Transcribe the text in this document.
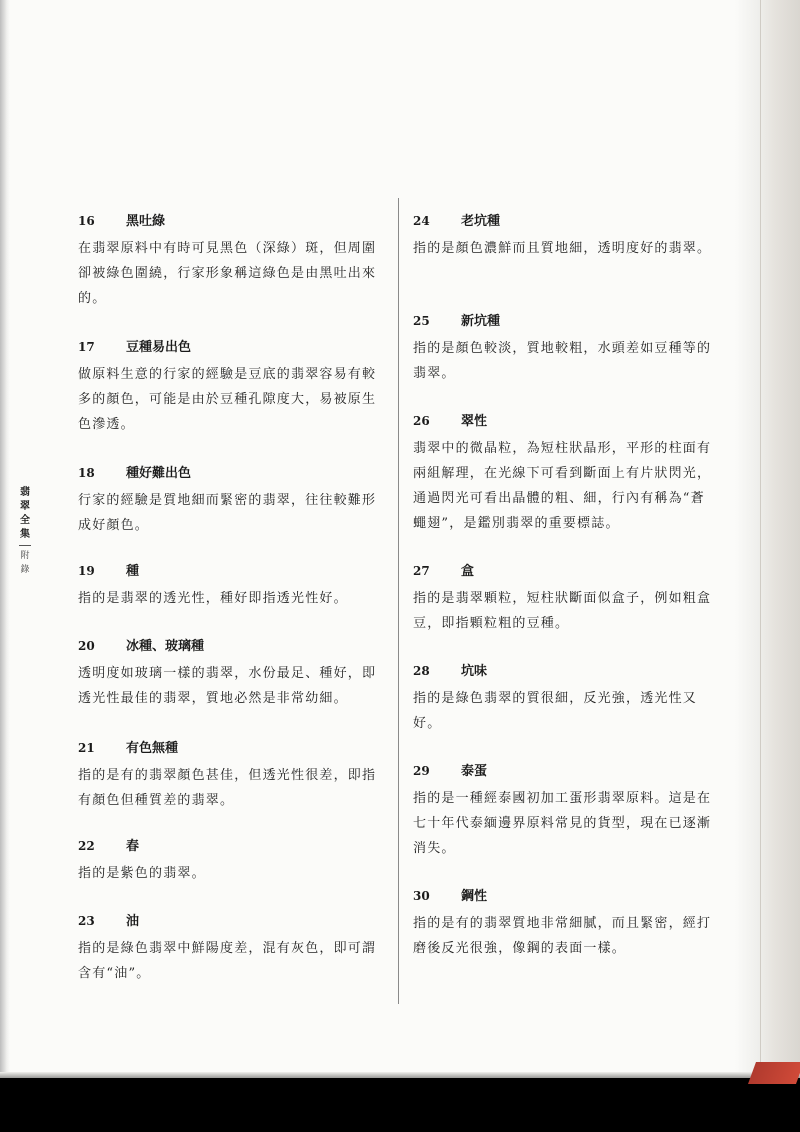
翡
翠
全
集
附
錄
16	黑吐綠
在翡翠原料中有時可見黑色（深綠）斑，但周圍卻被綠色圍繞，行家形象稱這綠色是由黑吐出來的。
17	豆種易出色
做原料生意的行家的經驗是豆底的翡翠容易有較多的顏色，可能是由於豆種孔隙度大，易被原生色滲透。
18	種好難出色
行家的經驗是質地細而緊密的翡翠，往往較難形成好顏色。
19	種
指的是翡翠的透光性，種好即指透光性好。
20	冰種、玻璃種
透明度如玻璃一樣的翡翠，水份最足、種好，即透光性最佳的翡翠，質地必然是非常幼細。
21	有色無種
指的是有的翡翠顏色甚佳，但透光性很差，即指有顏色但種質差的翡翠。
22	春
指的是紫色的翡翠。
23	油
指的是綠色翡翠中鮮陽度差，混有灰色，即可謂含有“油”。
24	老坑種
指的是顏色濃鮮而且質地細，透明度好的翡翠。
25	新坑種
指的是顏色較淡，質地較粗，水頭差如豆種等的翡翠。
26	翠性
翡翠中的微晶粒，為短柱狀晶形，平形的柱面有兩組解理，在光線下可看到斷面上有片狀閃光，通過閃光可看出晶體的粗、細，行內有稱為“蒼蠅翅”，是鑑別翡翠的重要標誌。
27	盒
指的是翡翠顆粒，短柱狀斷面似盒子，例如粗盒豆，即指顆粒粗的豆種。
28	坑味
指的是綠色翡翠的質很細，反光強，透光性又好。
29	泰蛋
指的是一種經泰國初加工蛋形翡翠原料。這是在七十年代泰緬邊界原料常見的貨型，現在已逐漸消失。
30	鋼性
指的是有的翡翠質地非常細膩，而且緊密，經打磨後反光很強，像鋼的表面一樣。
